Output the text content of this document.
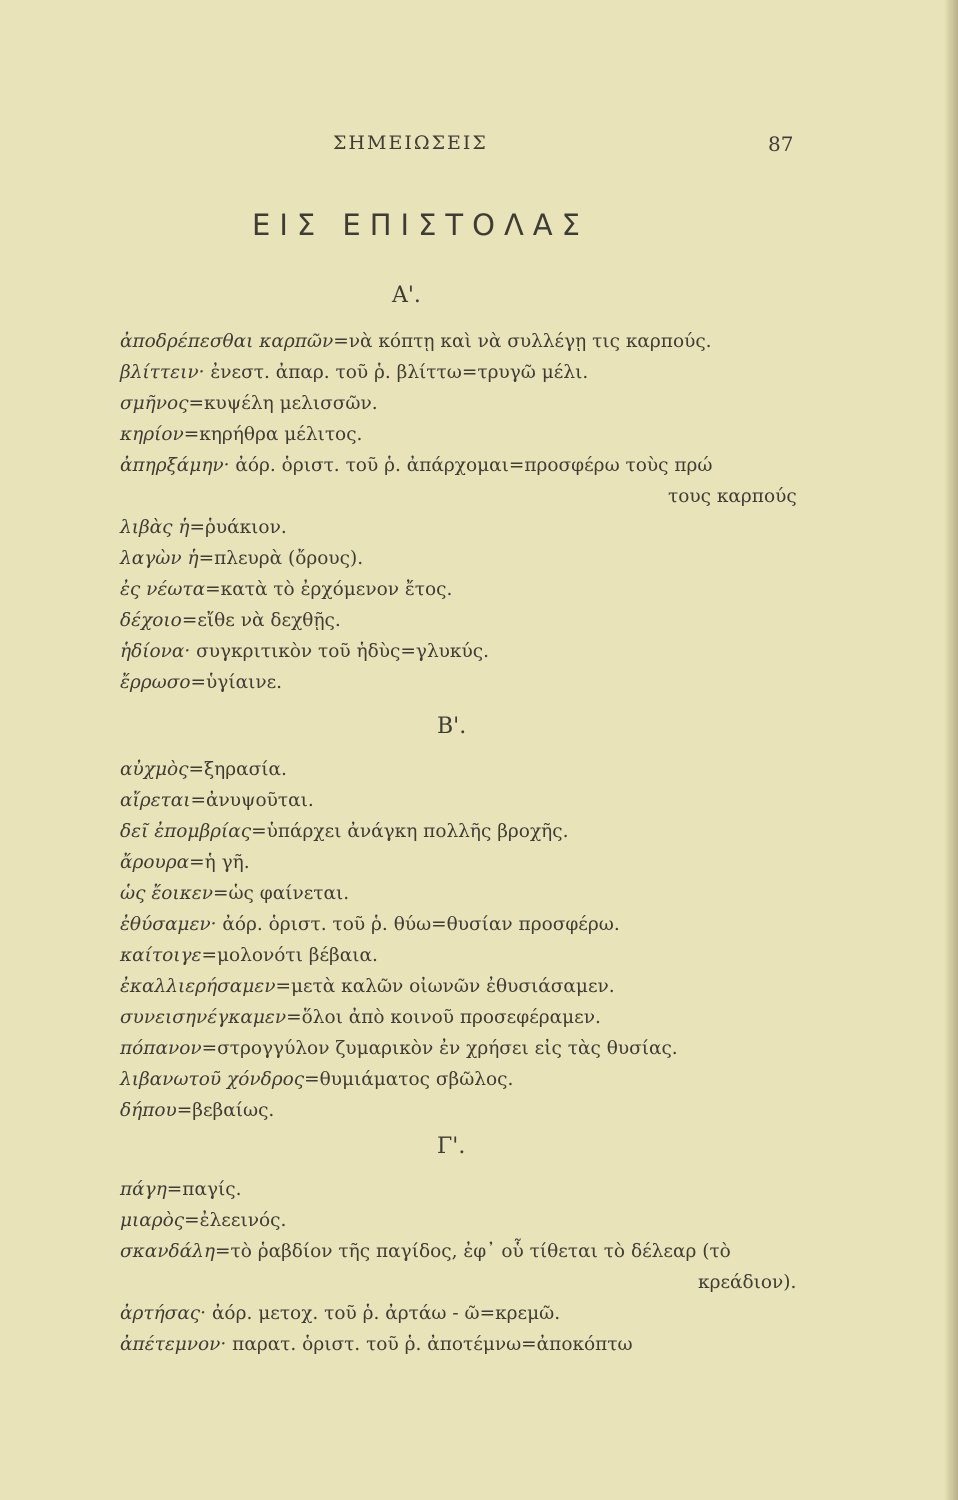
ΣΗΜΕΙΩΣΕΙΣ	87
ΕΙΣ ΕΠΙΣΤΟΛΑΣ
Α'.
ἀποδρέπεσθαι καρπῶν=νὰ κόπτῃ καὶ νὰ συλλέγῃ τις καρπούς.
βλίττειν· ἐνεστ. ἀπαρ. τοῦ ῥ. βλίττω=τρυγῶ μέλι.
σμῆνος=κυψέλη μελισσῶν.
κηρίον=κηρήθρα μέλιτος.
ἀπηρξάμην· ἀόρ. ὁριστ. τοῦ ῥ. ἀπάρχομαι=προσφέρω τοὺς πρώ
τους καρπούς
λιβὰς ἡ=ῥυάκιον.
λαγὼν ἡ=πλευρὰ (ὄρους).
ἐς νέωτα=κατὰ τὸ ἐρχόμενον ἔτος.
δέχοιο=εἴθε νὰ δεχθῇς.
ἡδίονα· συγκριτικὸν τοῦ ἡδὺς=γλυκύς.
ἔρρωσο=ὑγίαινε.
Β'.
αὐχμὸς=ξηρασία.
αἴρεται=ἀνυψοῦται.
δεῖ ἐπομβρίας=ὑπάρχει ἀνάγκη πολλῆς βροχῆς.
ἄρουρα=ἡ γῆ.
ὡς ἔοικεν=ὡς φαίνεται.
ἐθύσαμεν· ἀόρ. ὁριστ. τοῦ ῥ. θύω=θυσίαν προσφέρω.
καίτοιγε=μολονότι βέβαια.
ἐκαλλιερήσαμεν=μετὰ καλῶν οἰωνῶν ἐθυσιάσαμεν.
συνεισηνέγκαμεν=ὅλοι ἀπὸ κοινοῦ προσεφέραμεν.
πόπανον=στρογγύλον ζυμαρικὸν ἐν χρήσει εἰς τὰς θυσίας.
λιβανωτοῦ χόνδρος=θυμιάματος σβῶλος.
δήπου=βεβαίως.
Γ'.
πάγη=παγίς.
μιαρὸς=ἐλεεινός.
σκανδάλη=τὸ ῥαβδίον τῆς παγίδος, ἐφ᾽ οὗ τίθεται τὸ δέλεαρ (τὸ
κρεάδιον).
ἀρτήσας· ἀόρ. μετοχ. τοῦ ῥ. ἀρτάω - ῶ=κρεμῶ.
ἀπέτεμνον· παρατ. ὁριστ. τοῦ ῥ. ἀποτέμνω=ἀποκόπτω
